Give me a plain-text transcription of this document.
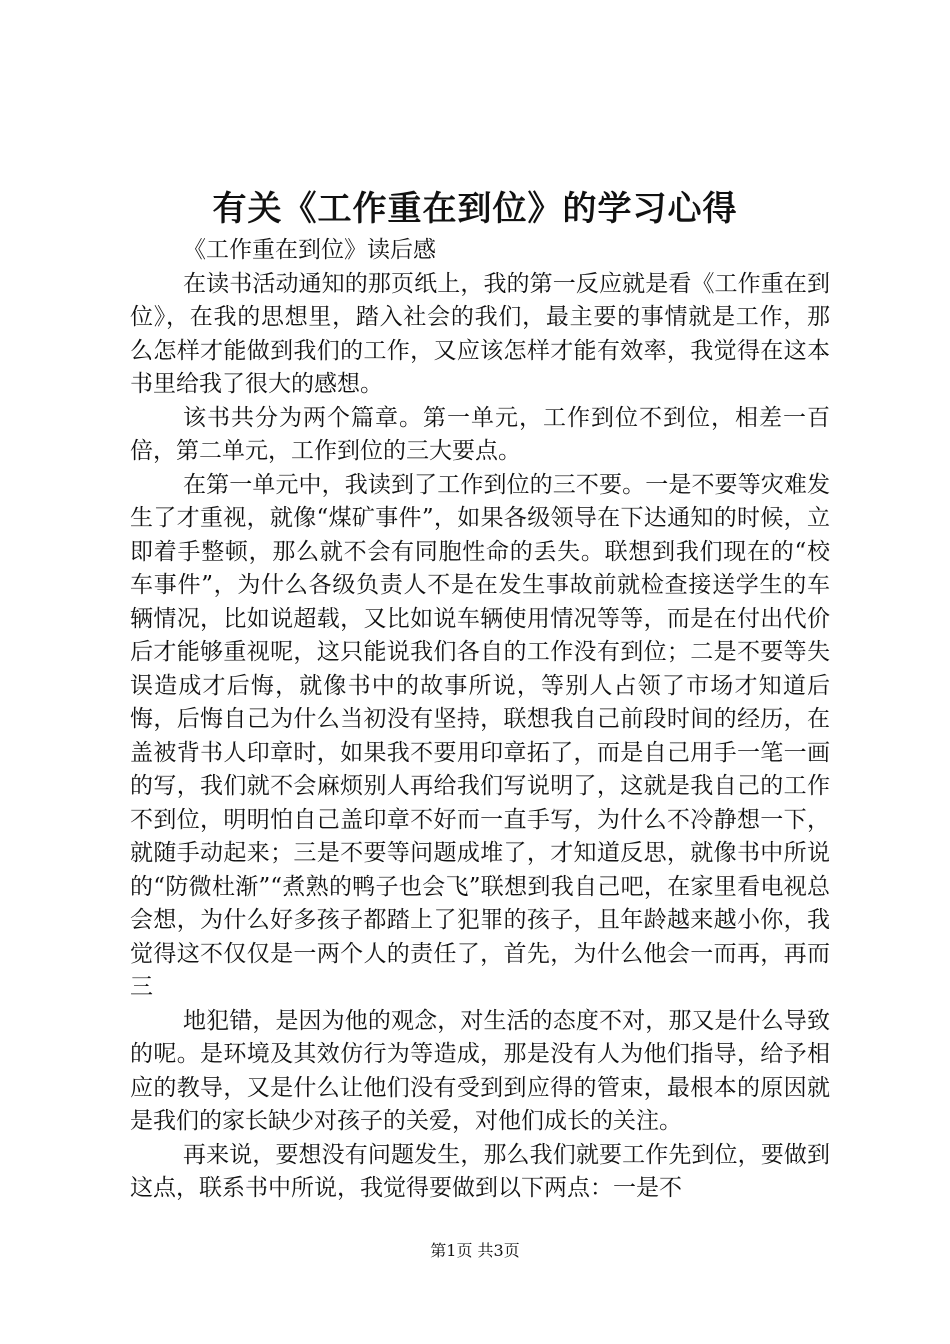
有关《工作重在到位》的学习心得

《工作重在到位》读后感

在读书活动通知的那页纸上，我的第一反应就是看《工作重在到位》，在我的思想里，踏入社会的我们，最主要的事情就是工作，那么怎样才能做到我们的工作，又应该怎样才能有效率，我觉得在这本书里给我了很大的感想。

该书共分为两个篇章。第一单元，工作到位不到位，相差一百倍，第二单元，工作到位的三大要点。

在第一单元中，我读到了工作到位的三不要。一是不要等灾难发生了才重视，就像“煤矿事件”，如果各级领导在下达通知的时候，立即着手整顿，那么就不会有同胞性命的丢失。联想到我们现在的“校车事件”，为什么各级负责人不是在发生事故前就检查接送学生的车辆情况，比如说超载，又比如说车辆使用情况等等，而是在付出代价后才能够重视呢，这只能说我们各自的工作没有到位；二是不要等失误造成才后悔，就像书中的故事所说，等别人占领了市场才知道后悔，后悔自己为什么当初没有坚持，联想我自己前段时间的经历，在盖被背书人印章时，如果我不要用印章拓了，而是自己用手一笔一画的写，我们就不会麻烦别人再给我们写说明了，这就是我自己的工作不到位，明明怕自己盖印章不好而一直手写，为什么不冷静想一下，就随手动起来；三是不要等问题成堆了，才知道反思，就像书中所说的“防微杜渐”“煮熟的鸭子也会飞”联想到我自己吧，在家里看电视总会想，为什么好多孩子都踏上了犯罪的孩子，且年龄越来越小你，我觉得这不仅仅是一两个人的责任了，首先，为什么他会一而再，再而三

地犯错，是因为他的观念，对生活的态度不对，那又是什么导致的呢。是环境及其效仿行为等造成，那是没有人为他们指导，给予相应的教导，又是什么让他们没有受到到应得的管束，最根本的原因就是我们的家长缺少对孩子的关爱，对他们成长的关注。

再来说，要想没有问题发生，那么我们就要工作先到位，要做到这点，联系书中所说，我觉得要做到以下两点：一是不

第1页 共3页
